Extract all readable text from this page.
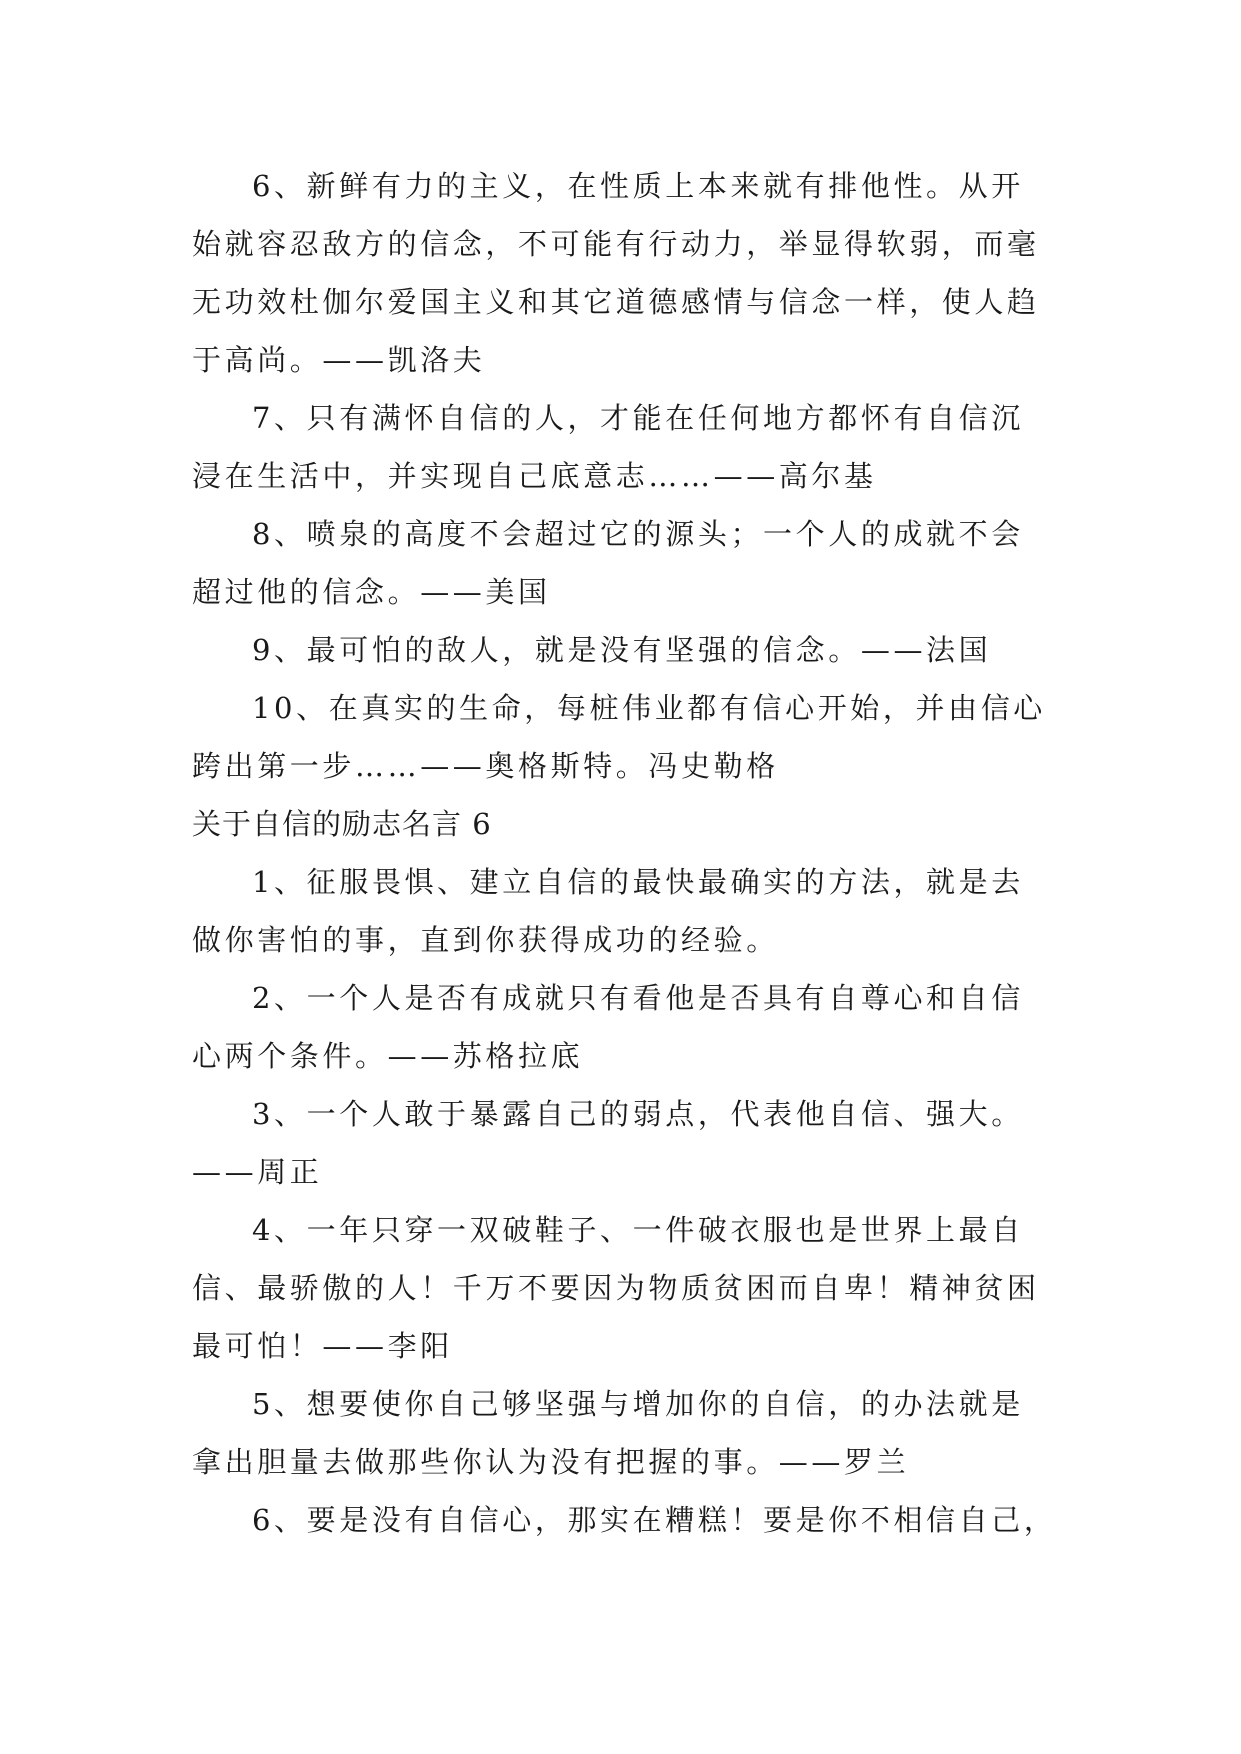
6、新鲜有力的主义，在性质上本来就有排他性。从开

始就容忍敌方的信念，不可能有行动力，举显得软弱，而毫

无功效杜伽尔爱国主义和其它道德感情与信念一样，使人趋

于高尚。——凯洛夫

7、只有满怀自信的人，才能在任何地方都怀有自信沉

浸在生活中，并实现自己底意志……——高尔基

8、喷泉的高度不会超过它的源头；一个人的成就不会

超过他的信念。——美国

9、最可怕的敌人，就是没有坚强的信念。——法国

10、在真实的生命，每桩伟业都有信心开始，并由信心

跨出第一步……——奥格斯特。冯史勒格

关于自信的励志名言 6

1、征服畏惧、建立自信的最快最确实的方法，就是去

做你害怕的事，直到你获得成功的经验。

2、一个人是否有成就只有看他是否具有自尊心和自信

心两个条件。——苏格拉底

3、一个人敢于暴露自己的弱点，代表他自信、强大。

——周正

4、一年只穿一双破鞋子、一件破衣服也是世界上最自

信、最骄傲的人！千万不要因为物质贫困而自卑！精神贫困

最可怕！——李阳

5、想要使你自己够坚强与增加你的自信，的办法就是

拿出胆量去做那些你认为没有把握的事。——罗兰

6、要是没有自信心，那实在糟糕！要是你不相信自己，
